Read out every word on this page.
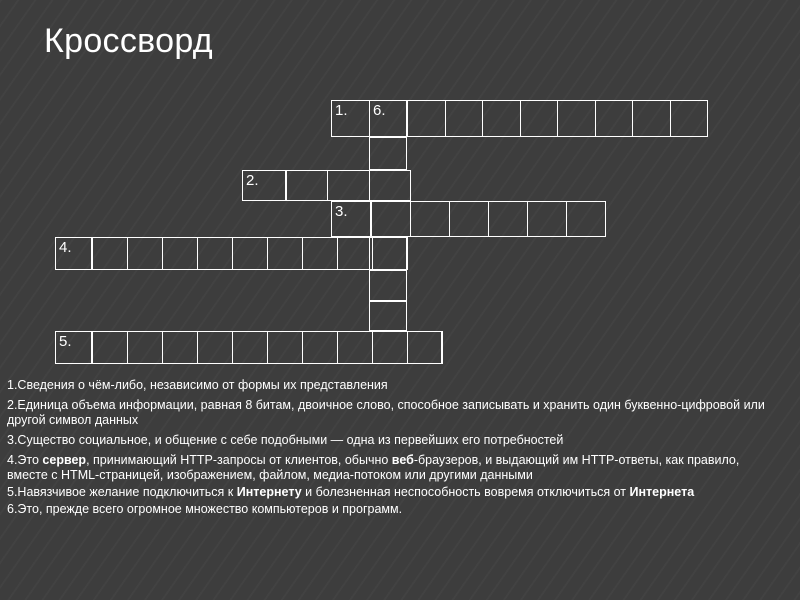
Кроссворд
1. 6.
2.
3.
4.
5.

1.Сведения о чём-либо, независимо от формы их представления

2.Единица объема информации, равная 8 битам, двоичное слово, способное записывать и хранить один буквенно-цифровой или другой символ данных

3.Существо социальное, и общение с себе подобными — одна из первейших его потребностей

4.Это сервер, принимающий HTTP-запросы от клиентов, обычно веб-браузеров, и выдающий им HTTP-ответы, как правило, вместе с HTML-страницей, изображением, файлом, медиа-потоком или другими данными

5.Навязчивое желание подключиться к Интернету и болезненная неспособность вовремя отключиться от Интернета

6.Это, прежде всего огромное множество компьютеров и программ.
